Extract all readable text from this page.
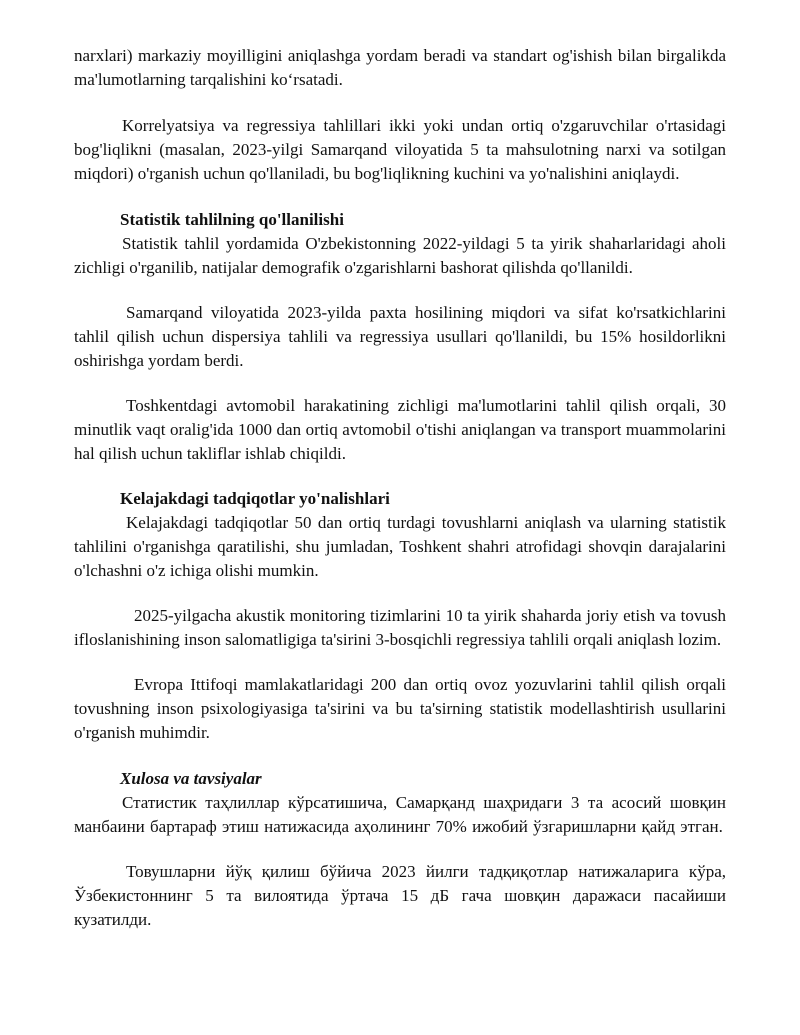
narxlari) markaziy moyilligini aniqlashga yordam beradi va standart og'ishish bilan birgalikda ma'lumotlarning tarqalishini ko‘rsatadi.

Korrelyatsiya va regressiya tahlillari ikki yoki undan ortiq o'zgaruvchilar o'rtasidagi bog'liqlikni (masalan, 2023-yilgi Samarqand viloyatida 5 ta mahsulotning narxi va sotilgan miqdori) o'rganish uchun qo'llaniladi, bu bog'liqlikning kuchini va yo'nalishini aniqlaydi.

Statistik tahlilning qo'llanilishi

Statistik tahlil yordamida O'zbekistonning 2022-yildagi 5 ta yirik shaharlaridagi aholi zichligi o'rganilib, natijalar demografik o'zgarishlarni bashorat qilishda qo'llanildi.

Samarqand viloyatida 2023-yilda paxta hosilining miqdori va sifat ko'rsatkichlarini tahlil qilish uchun dispersiya tahlili va regressiya usullari qo'llanildi, bu 15% hosildorlikni oshirishga yordam berdi.

Toshkentdagi avtomobil harakatining zichligi ma'lumotlarini tahlil qilish orqali, 30 minutlik vaqt oralig'ida 1000 dan ortiq avtomobil o'tishi aniqlangan va transport muammolarini hal qilish uchun takliflar ishlab chiqildi.

Kelajakdagi tadqiqotlar yo'nalishlari

Kelajakdagi tadqiqotlar 50 dan ortiq turdagi tovushlarni aniqlash va ularning statistik tahlilini o'rganishga qaratilishi, shu jumladan, Toshkent shahri atrofidagi shovqin darajalarini o'lchashni o'z ichiga olishi mumkin.

2025-yilgacha akustik monitoring tizimlarini 10 ta yirik shaharda joriy etish va tovush ifloslanishining inson salomatligiga ta'sirini 3-bosqichli regressiya tahlili orqali aniqlash lozim.

Evropa Ittifoqi mamlakatlaridagi 200 dan ortiq ovoz yozuvlarini tahlil qilish orqali tovushning inson psixologiyasiga ta'sirini va bu ta'sirning statistik modellashtirish usullarini o'rganish muhimdir.

Xulosa va tavsiyalar

Статистик таҳлиллар кўрсатишича, Самарқанд шаҳридаги 3 та асосий шовқин манбаини бартараф этиш натижасида аҳолининг 70% ижобий ўзгаришларни қайд этган.

Товушларни йўқ қилиш бўйича 2023 йилги тадқиқотлар натижаларига кўра, Ўзбекистоннинг 5 та вилоятида ўртача 15 дБ гача шовқин даражаси пасайиши кузатилди.
